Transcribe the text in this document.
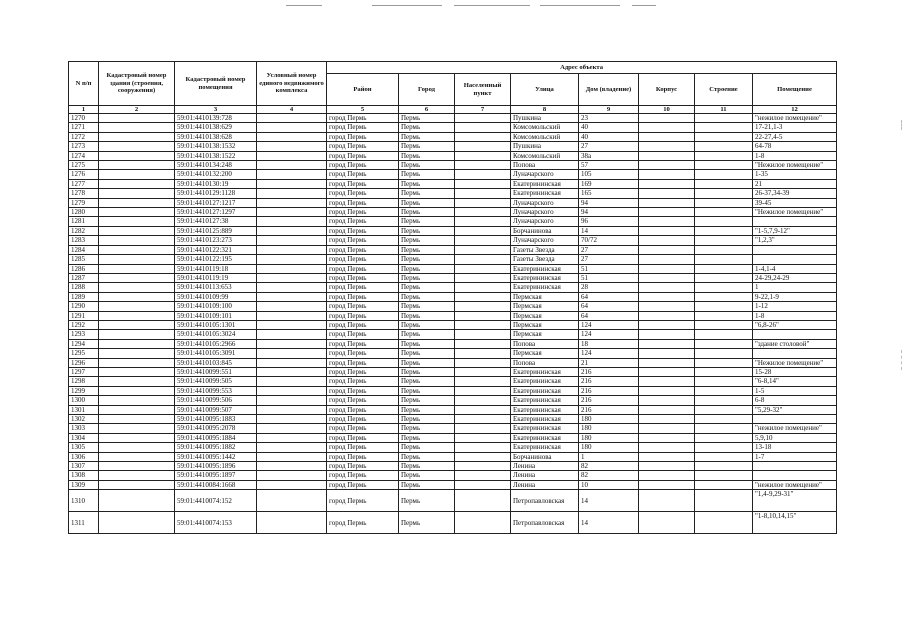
N п/п	Кадастровый номер здания (строения, сооружения)	Кадастровый номер помещения	Условный номер единого недвижимого комплекса	Адрес объекта							
				Район	Город	Населенный пункт	Улица	Дом (владение)	Корпус	Строение	Помещение
1	2	3	4	5	6	7	8	9	10	11	12
1270		59:01:4410139:728		город Пермь	Пермь		Пушкина	23			"нежилое помещение"
1271		59:01:4410138:629		город Пермь	Пермь		Комсомольский	40			17-21,1-3
1272		59:01:4410138:628		город Пермь	Пермь		Комсомольский	40			22-27,4-5
1273		59:01:4410138:1532		город Пермь	Пермь		Пушкина	27			64-78
1274		59:01:4410138:1522		город Пермь	Пермь		Комсомольский	38а			1-8
1275		59:01:4410134:248		город Пермь	Пермь		Попова	57			"Нежилое помещение"
1276		59:01:4410132:200		город Пермь	Пермь		Луначарского	105			1-35
1277		59:01:4410130:19		город Пермь	Пермь		Екатерининская	169			21
1278		59:01:4410129:1128		город Пермь	Пермь		Екатерининская	165			26-37,34-39
1279		59:01:4410127:1217		город Пермь	Пермь		Луначарского	94			39-45
1280		59:01:4410127:1297		город Пермь	Пермь		Луначарского	94			"Нежилое помещение"
1281		59:01:4410127:38		город Пермь	Пермь		Луначарского	96			
1282		59:01:4410125:889		город Пермь	Пермь		Борчанинова	14			"1-5,7,9-12"
1283		59:01:4410123:273		город Пермь	Пермь		Луначарского	70/72			"1,2,3"
1284		59:01:4410122:321		город Пермь	Пермь		Газеты Звезда	27			
1285		59:01:4410122:195		город Пермь	Пермь		Газеты Звезда	27			
1286		59:01:4410119:18		город Пермь	Пермь		Екатерининская	51			1-4,1-4
1287		59:01:4410119:19		город Пермь	Пермь		Екатерининская	51			24-29,24-29
1288		59:01:4410113:653		город Пермь	Пермь		Екатерининская	28			1
1289		59:01:4410109:99		город Пермь	Пермь		Пермская	64			9-22,1-9
1290		59:01:4410109:100		город Пермь	Пермь		Пермская	64			1-12
1291		59:01:4410109:101		город Пермь	Пермь		Пермская	64			1-8
1292		59:01:4410105:1301		город Пермь	Пермь		Пермская	124			"6,8-26"
1293		59:01:4410105:3024		город Пермь	Пермь		Пермская	124			
1294		59:01:4410105:2966		город Пермь	Пермь		Попова	18			"здание столовой"
1295		59:01:4410105:3091		город Пермь	Пермь		Пермская	124			
1296		59:01:4410103:845		город Пермь	Пермь		Попова	21			"Нежилое помещение"
1297		59:01:4410099:551		город Пермь	Пермь		Екатерининская	216			15-28
1298		59:01:4410099:505		город Пермь	Пермь		Екатерининская	216			"6-8,14"
1299		59:01:4410099:553		город Пермь	Пермь		Екатерининская	216			1-5
1300		59:01:4410099:506		город Пермь	Пермь		Екатерининская	216			6-8
1301		59:01:4410099:507		город Пермь	Пермь		Екатерининская	216			"5,29-32"
1302		59:01:4410095:1883		город Пермь	Пермь		Екатерининская	180			
1303		59:01:4410095:2078		город Пермь	Пермь		Екатерининская	180			"нежилое помещение"
1304		59:01:4410095:1884		город Пермь	Пермь		Екатерининская	180			5,9,10
1305		59:01:4410095:1882		город Пермь	Пермь		Екатерининская	180			13-18
1306		59:01:4410095:1442		город Пермь	Пермь		Борчанинова	1			1-7
1307		59:01:4410095:1896		город Пермь	Пермь		Ленина	82			
1308		59:01:4410095:1897		город Пермь	Пермь		Ленина	82			
1309		59:01:4410084:1668		город Пермь	Пермь		Ленина	10			"нежилое помещение"
1310		59:01:4410074:152		город Пермь	Пермь		Петропавловская	14			"1,4-9,29-31"
1311		59:01:4410074:153		город Пермь	Пермь		Петропавловская	14			"1-8,10,14,15"
